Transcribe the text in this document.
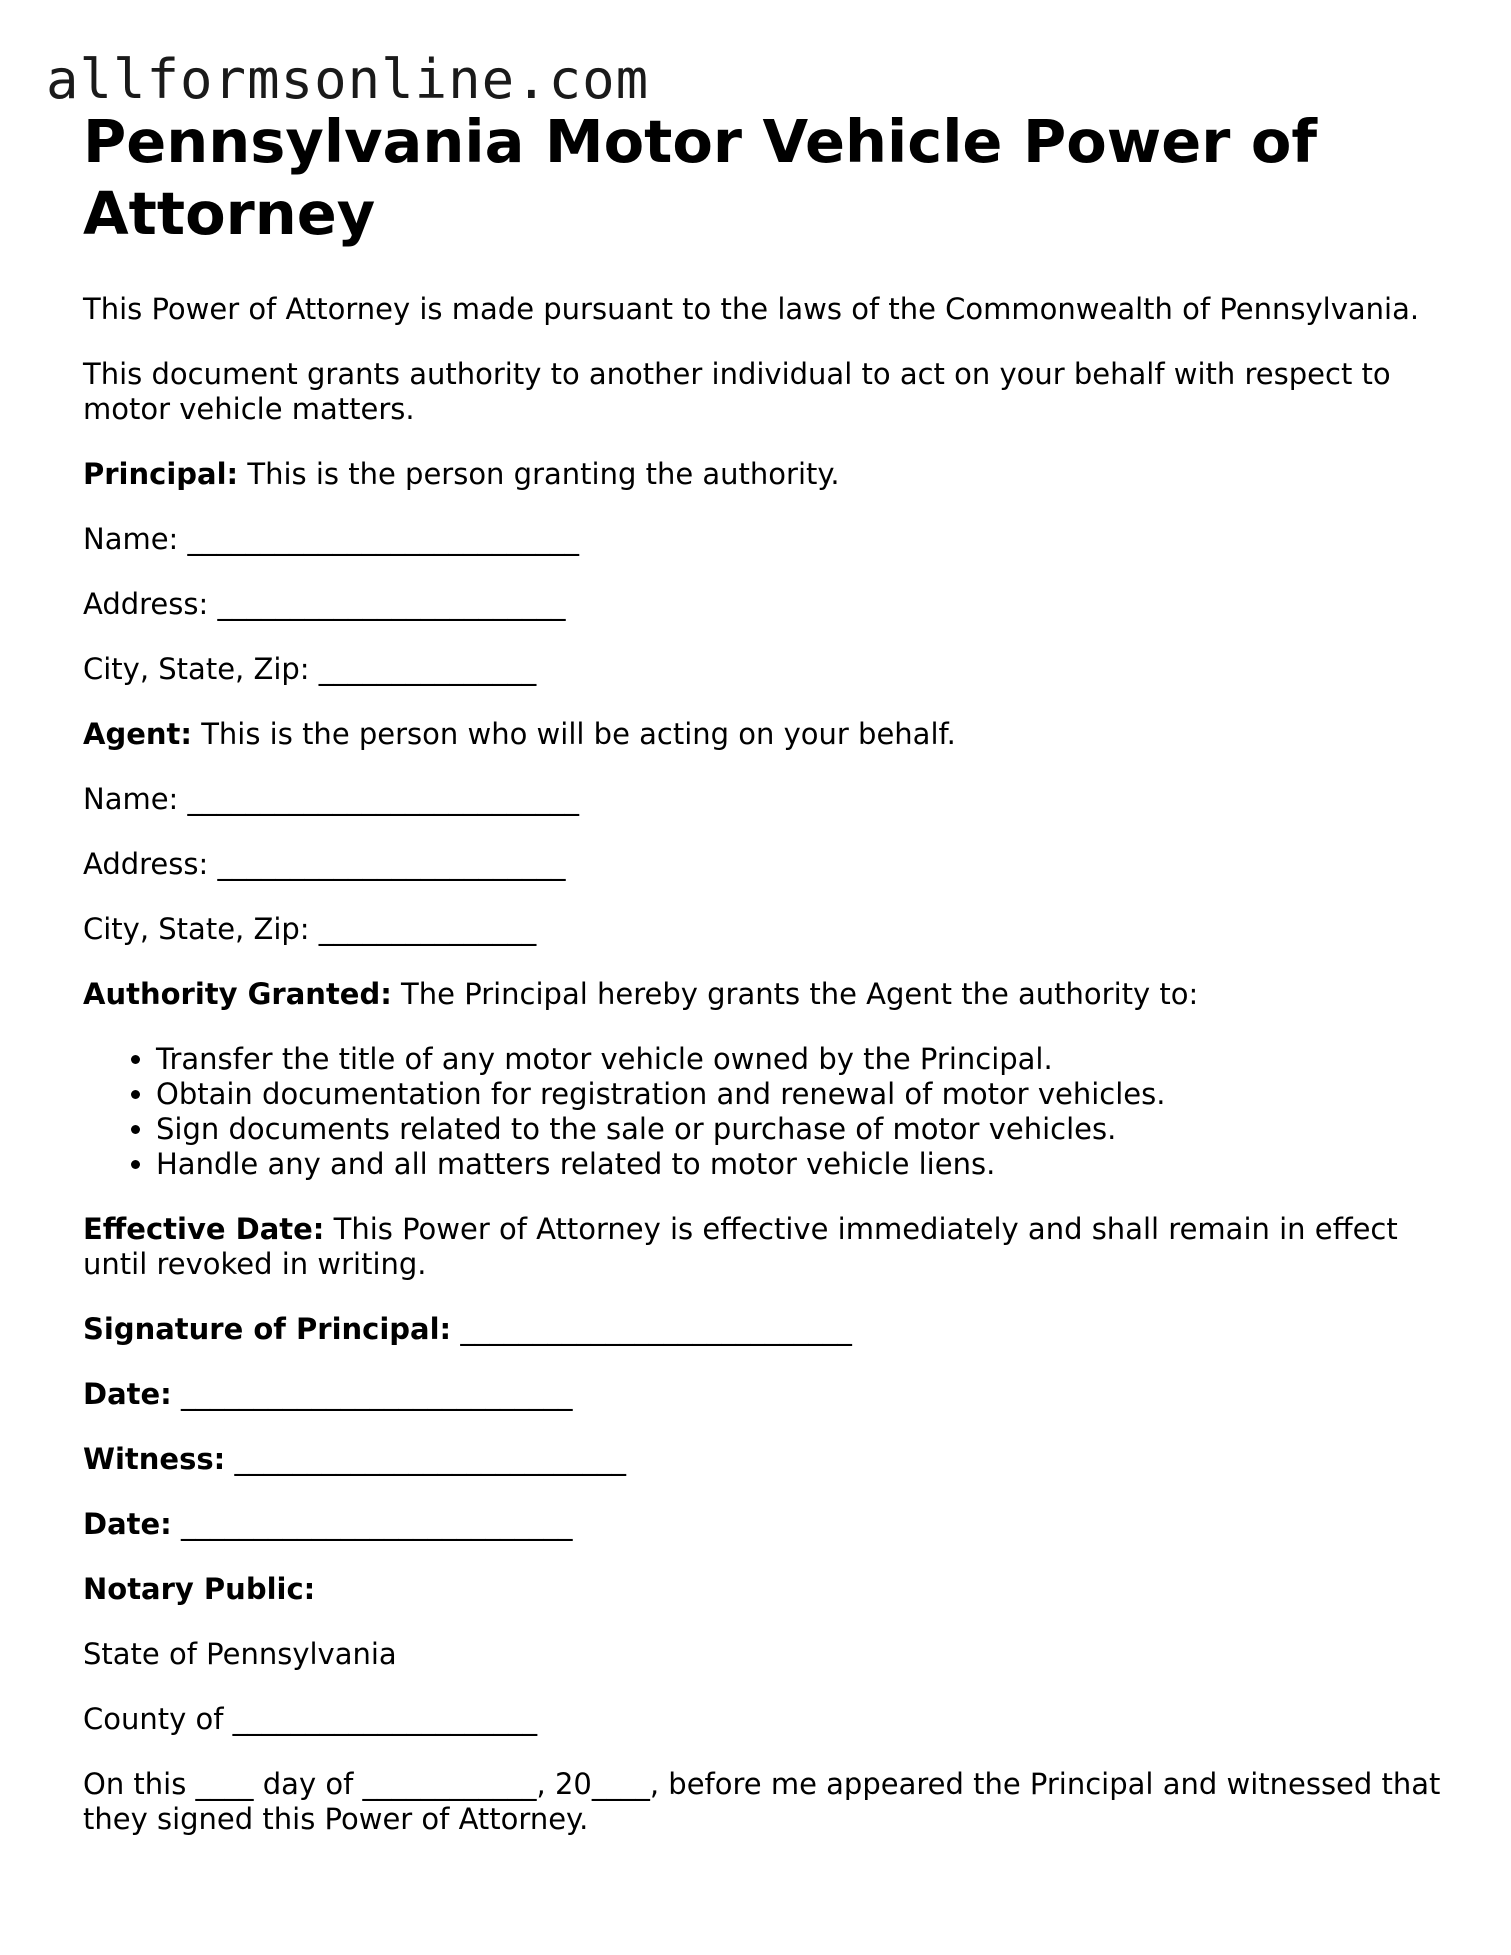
allformsonline.com
Pennsylvania Motor Vehicle Power of Attorney

This Power of Attorney is made pursuant to the laws of the Commonwealth of Pennsylvania.

This document grants authority to another individual to act on your behalf with respect to motor vehicle matters.

Principal: This is the person granting the authority.

Name: ___________________________

Address: ________________________

City, State, Zip: _______________

Agent: This is the person who will be acting on your behalf.

Name: ___________________________

Address: ________________________

City, State, Zip: _______________

Authority Granted: The Principal hereby grants the Agent the authority to:

• Transfer the title of any motor vehicle owned by the Principal.
• Obtain documentation for registration and renewal of motor vehicles.
• Sign documents related to the sale or purchase of motor vehicles.
• Handle any and all matters related to motor vehicle liens.

Effective Date: This Power of Attorney is effective immediately and shall remain in effect until revoked in writing.

Signature of Principal: ___________________________

Date: ___________________________

Witness: ___________________________

Date: ___________________________

Notary Public:

State of Pennsylvania

County of _____________________

On this ____ day of ____________, 20____, before me appeared the Principal and witnessed that they signed this Power of Attorney.
